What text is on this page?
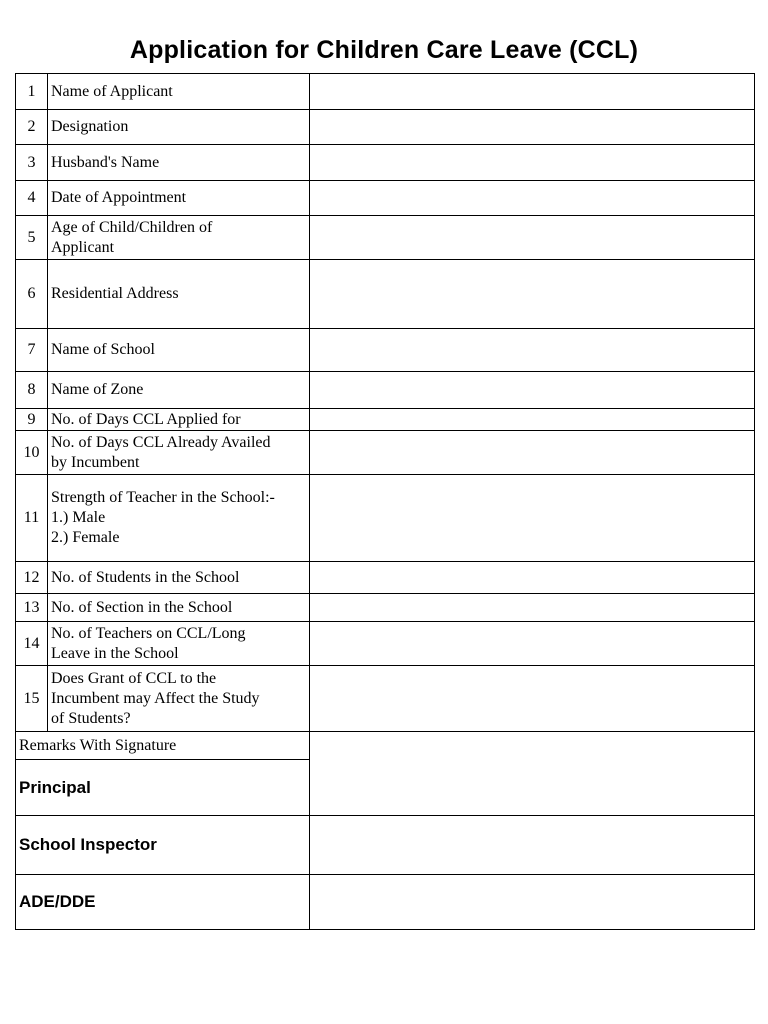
Application for Children Care Leave (CCL)
1	Name of Applicant	
2	Designation	
3	Husband's Name	
4	Date of Appointment	
5	Age of Child/Children of
Applicant	
6	Residential Address	
7	Name of School	
8	Name of Zone	
9	No. of Days CCL Applied for	
10	No. of Days CCL Already Availed
by Incumbent	
11	Strength of Teacher in the School:-
1.) Male
2.) Female	
12	No. of Students in the School	
13	No. of Section in the School	
14	No. of Teachers on CCL/Long
Leave in the School	
15	Does Grant of CCL to the
Incumbent may Affect the Study
of Students?	
Remarks With Signature		
Principal		
School Inspector		
ADE/DDE		
